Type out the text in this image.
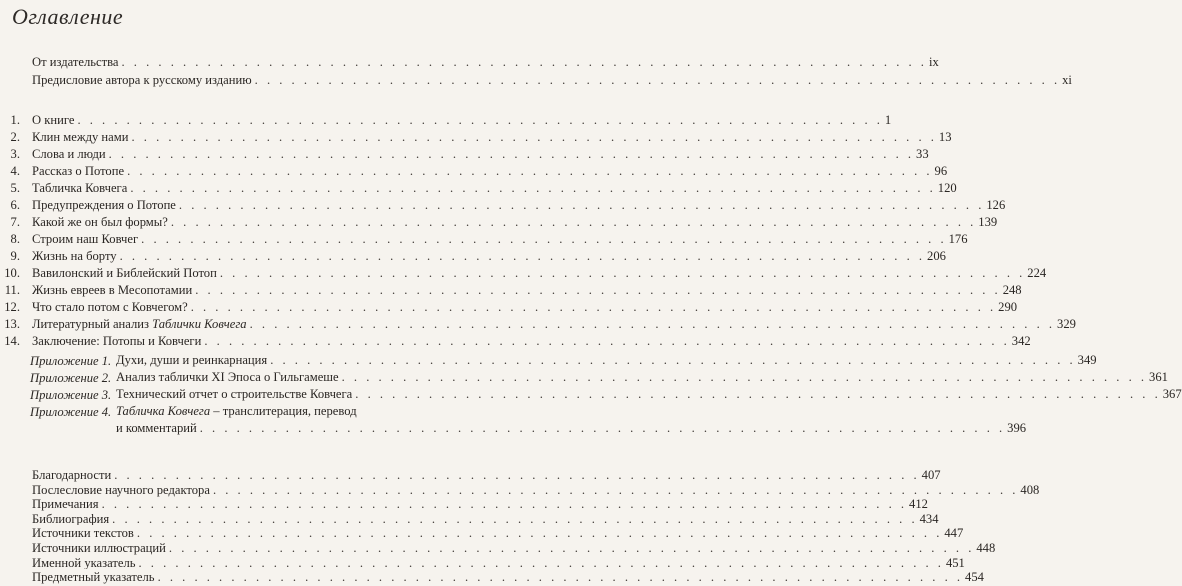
Оглавление
От издательства . . . . . . . . . . . . . . . . . . . . . . . . . . . . . . . . . . . . . . . . . . . . . . . . . . . . . . . . . . . . . . . . . . ix
Предисловие автора к русскому изданию . . . . . . . . . . . . . . . . . . . . . . . . . . . . . . . . . . . . . . . . . . . . . . . . . . . . . . . . . . . . . . . . . . xi
1. О книге . . . . . . . . . . . . . . . . . . . . . . . . . . . . . . . . . . . . . . . . . . . . . . . . . . . . . . . . . . . . . . . . . . 1
2. Клин между нами . . . . . . . . . . . . . . . . . . . . . . . . . . . . . . . . . . . . . . . . . . . . . . . . . . . . . . . . . . . . . . . . . . 13
3. Слова и люди . . . . . . . . . . . . . . . . . . . . . . . . . . . . . . . . . . . . . . . . . . . . . . . . . . . . . . . . . . . . . . . . . . 33
4. Рассказ о Потопе . . . . . . . . . . . . . . . . . . . . . . . . . . . . . . . . . . . . . . . . . . . . . . . . . . . . . . . . . . . . . . . . . . 96
5. Табличка Ковчега . . . . . . . . . . . . . . . . . . . . . . . . . . . . . . . . . . . . . . . . . . . . . . . . . . . . . . . . . . . . . . . . . . 120
6. Предупреждения о Потопе . . . . . . . . . . . . . . . . . . . . . . . . . . . . . . . . . . . . . . . . . . . . . . . . . . . . . . . . . . . . . . . . . . 126
7. Какой же он был формы? . . . . . . . . . . . . . . . . . . . . . . . . . . . . . . . . . . . . . . . . . . . . . . . . . . . . . . . . . . . . . . . . . . 139
8. Строим наш Ковчег . . . . . . . . . . . . . . . . . . . . . . . . . . . . . . . . . . . . . . . . . . . . . . . . . . . . . . . . . . . . . . . . . . 176
9. Жизнь на борту . . . . . . . . . . . . . . . . . . . . . . . . . . . . . . . . . . . . . . . . . . . . . . . . . . . . . . . . . . . . . . . . . . 206
10. Вавилонский и Библейский Потоп . . . . . . . . . . . . . . . . . . . . . . . . . . . . . . . . . . . . . . . . . . . . . . . . . . . . . . . . . . . . . . . . . . 224
11. Жизнь евреев в Месопотамии . . . . . . . . . . . . . . . . . . . . . . . . . . . . . . . . . . . . . . . . . . . . . . . . . . . . . . . . . . . . . . . . . . 248
12. Что стало потом с Ковчегом? . . . . . . . . . . . . . . . . . . . . . . . . . . . . . . . . . . . . . . . . . . . . . . . . . . . . . . . . . . . . . . . . . . 290
13. Литературный анализ Таблички Ковчега . . . . . . . . . . . . . . . . . . . . . . . . . . . . . . . . . . . . . . . . . . . . . . . . . . . . . . . . . . . . . . . . . . 329
14. Заключение: Потопы и Ковчеги . . . . . . . . . . . . . . . . . . . . . . . . . . . . . . . . . . . . . . . . . . . . . . . . . . . . . . . . . . . . . . . . . . 342
Приложение 1. Духи, души и реинкарнация . . . . . . . . . . . . . . . . . . . . . . . . . . . . . . . . . . . . . . . . . . . . . . . . . . . . . . . . . . . . . . . . . . 349
Приложение 2. Анализ таблички XI Эпоса о Гильгамеше . . . . . . . . . . . . . . . . . . . . . . . . . . . . . . . . . . . . . . . . . . . . . . . . . . . . . . . . . . . . . . . . . . 361
Приложение 3. Технический отчет о строительстве Ковчега . . . . . . . . . . . . . . . . . . . . . . . . . . . . . . . . . . . . . . . . . . . . . . . . . . . . . . . . . . . . . . . . . . 367
Приложение 4. Табличка Ковчега – транслитерация, перевод
и комментарий . . . . . . . . . . . . . . . . . . . . . . . . . . . . . . . . . . . . . . . . . . . . . . . . . . . . . . . . . . . . . . . . . . 396
Благодарности . . . . . . . . . . . . . . . . . . . . . . . . . . . . . . . . . . . . . . . . . . . . . . . . . . . . . . . . . . . . . . . . . . 407
Послесловие научного редактора . . . . . . . . . . . . . . . . . . . . . . . . . . . . . . . . . . . . . . . . . . . . . . . . . . . . . . . . . . . . . . . . . . 408
Примечания . . . . . . . . . . . . . . . . . . . . . . . . . . . . . . . . . . . . . . . . . . . . . . . . . . . . . . . . . . . . . . . . . . 412
Библиография . . . . . . . . . . . . . . . . . . . . . . . . . . . . . . . . . . . . . . . . . . . . . . . . . . . . . . . . . . . . . . . . . . 434
Источники текстов . . . . . . . . . . . . . . . . . . . . . . . . . . . . . . . . . . . . . . . . . . . . . . . . . . . . . . . . . . . . . . . . . . 447
Источники иллюстраций . . . . . . . . . . . . . . . . . . . . . . . . . . . . . . . . . . . . . . . . . . . . . . . . . . . . . . . . . . . . . . . . . . 448
Именной указатель . . . . . . . . . . . . . . . . . . . . . . . . . . . . . . . . . . . . . . . . . . . . . . . . . . . . . . . . . . . . . . . . . . 451
Предметный указатель . . . . . . . . . . . . . . . . . . . . . . . . . . . . . . . . . . . . . . . . . . . . . . . . . . . . . . . . . . . . . . . . . . 454
